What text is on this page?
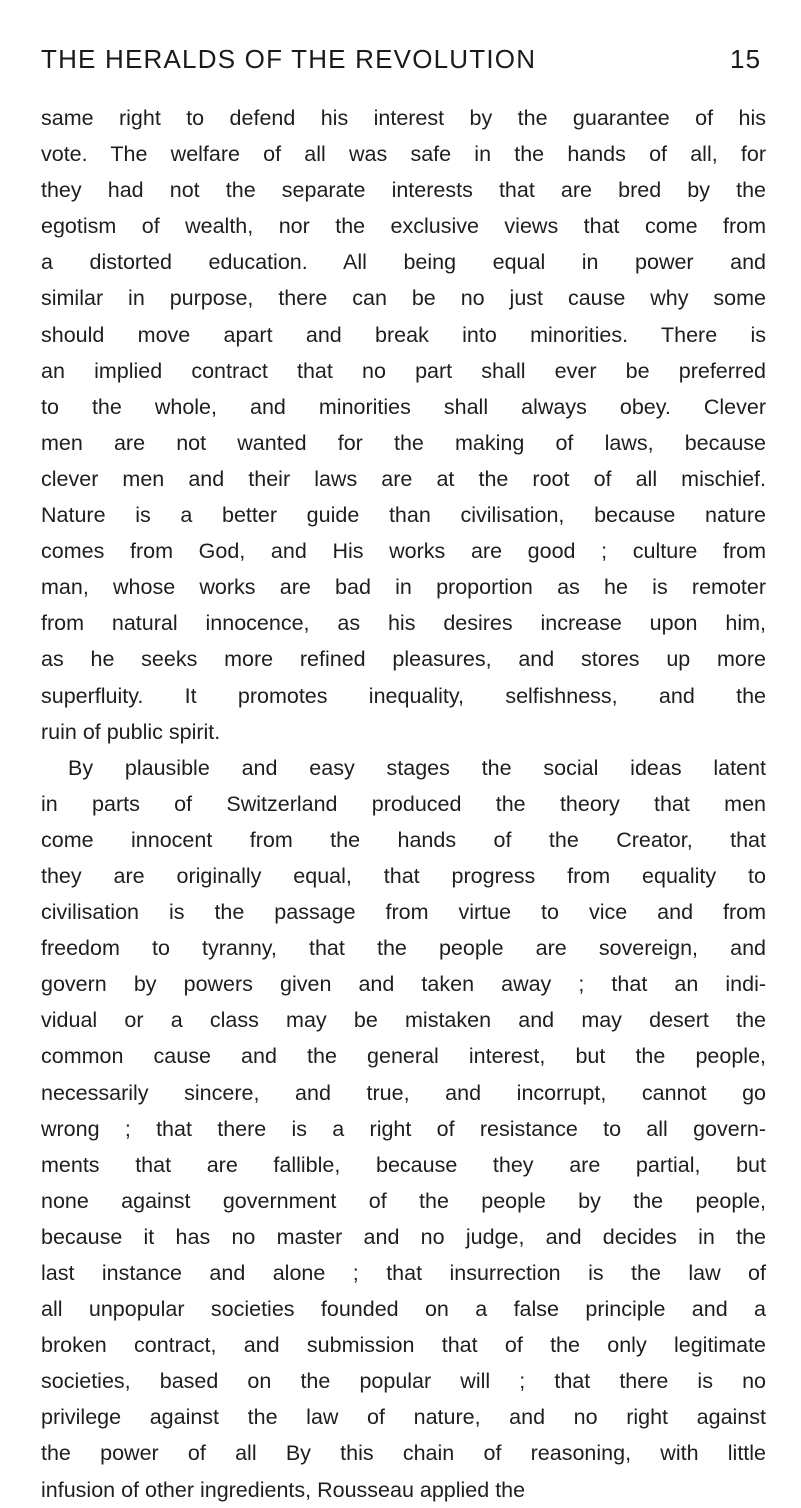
THE HERALDS OF THE REVOLUTION	15
same right to defend his interest by the guarantee of his
vote. The welfare of all was safe in the hands of all, for
they had not the separate interests that are bred by the
egotism of wealth, nor the exclusive views that come from
a distorted education. All being equal in power and
similar in purpose, there can be no just cause why some
should move apart and break into minorities. There is
an implied contract that no part shall ever be preferred
to the whole, and minorities shall always obey. Clever
men are not wanted for the making of laws, because
clever men and their laws are at the root of all mischief.
Nature is a better guide than civilisation, because nature
comes from God, and His works are good ; culture from
man, whose works are bad in proportion as he is remoter
from natural innocence, as his desires increase upon him,
as he seeks more refined pleasures, and stores up more
superfluity. It promotes inequality, selfishness, and the
ruin of public spirit.
By plausible and easy stages the social ideas latent
in parts of Switzerland produced the theory that men
come innocent from the hands of the Creator, that
they are originally equal, that progress from equality to
civilisation is the passage from virtue to vice and from
freedom to tyranny, that the people are sovereign, and
govern by powers given and taken away ; that an indi-
vidual or a class may be mistaken and may desert the
common cause and the general interest, but the people,
necessarily sincere, and true, and incorrupt, cannot go
wrong ; that there is a right of resistance to all govern-
ments that are fallible, because they are partial, but
none against government of the people by the people,
because it has no master and no judge, and decides in the
last instance and alone ; that insurrection is the law of
all unpopular societies founded on a false principle and a
broken contract, and submission that of the only legitimate
societies, based on the popular will ; that there is no
privilege against the law of nature, and no right against
the power of all By this chain of reasoning, with little
infusion of other ingredients, Rousseau applied the
